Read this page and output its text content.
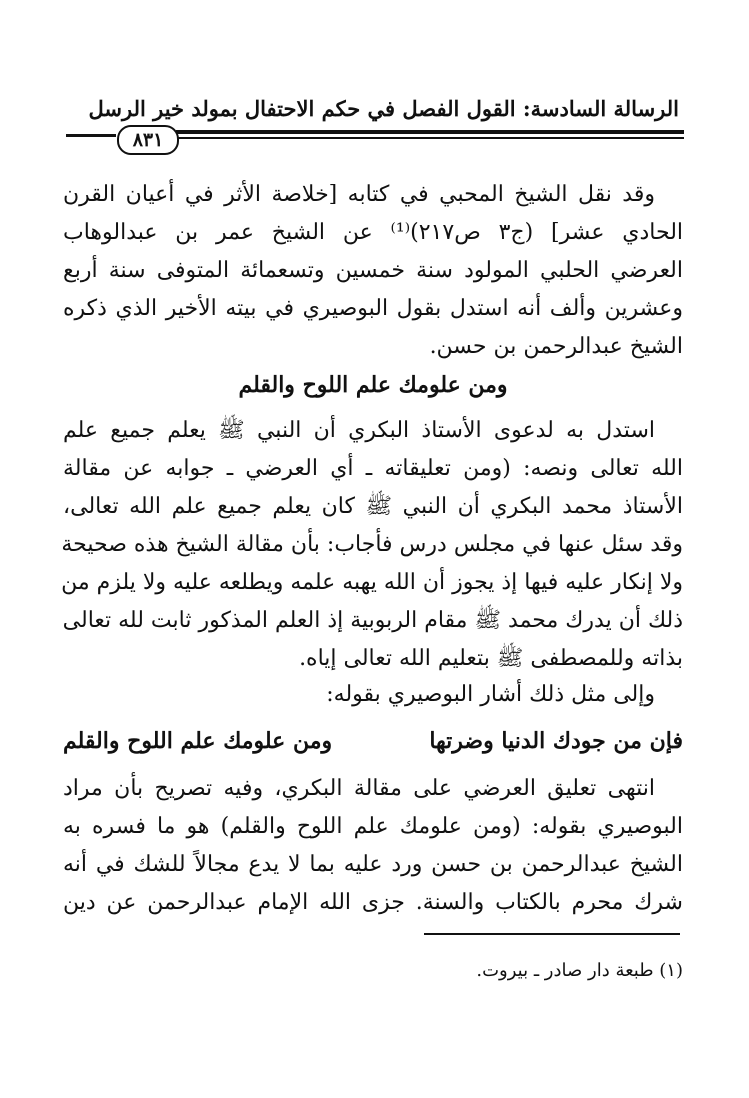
الرسالة السادسة: القول الفصل في حكم الاحتفال بمولد خير الرسل
٨٣١
وقد نقل الشيخ المحبي في كتابه [خلاصة الأثر في أعيان القرن
الحادي عشر] (ج٣ ص٢١٧)⁽¹⁾ عن الشيخ عمر بن عبدالوهاب
العرضي الحلبي المولود سنة خمسين وتسعمائة المتوفى سنة أربع
وعشرين وألف أنه استدل بقول البوصيري في بيته الأخير الذي ذكره
الشيخ عبدالرحمن بن حسن.
ومن علومك علم اللوح والقلم
استدل به لدعوى الأستاذ البكري أن النبي ﷺ يعلم جميع علم
الله تعالى ونصه: (ومن تعليقاته ـ أي العرضي ـ جوابه عن مقالة
الأستاذ محمد البكري أن النبي ﷺ كان يعلم جميع علم الله تعالى،
وقد سئل عنها في مجلس درس فأجاب: بأن مقالة الشيخ هذه صحيحة
ولا إنكار عليه فيها إذ يجوز أن الله يهبه علمه ويطلعه عليه ولا يلزم من
ذلك أن يدرك محمد ﷺ مقام الربوبية إذ العلم المذكور ثابت لله تعالى
بذاته وللمصطفى ﷺ بتعليم الله تعالى إياه.
وإلى مثل ذلك أشار البوصيري بقوله:
فإن من جودك الدنيا وضرتها
ومن علومك علم اللوح والقلم
انتهى تعليق العرضي على مقالة البكري، وفيه تصريح بأن مراد
البوصيري بقوله: (ومن علومك علم اللوح والقلم) هو ما فسره به
الشيخ عبدالرحمن بن حسن ورد عليه بما لا يدع مجالاً للشك في أنه
شرك محرم بالكتاب والسنة. جزى الله الإمام عبدالرحمن عن دين
(١) طبعة دار صادر ـ بيروت.
